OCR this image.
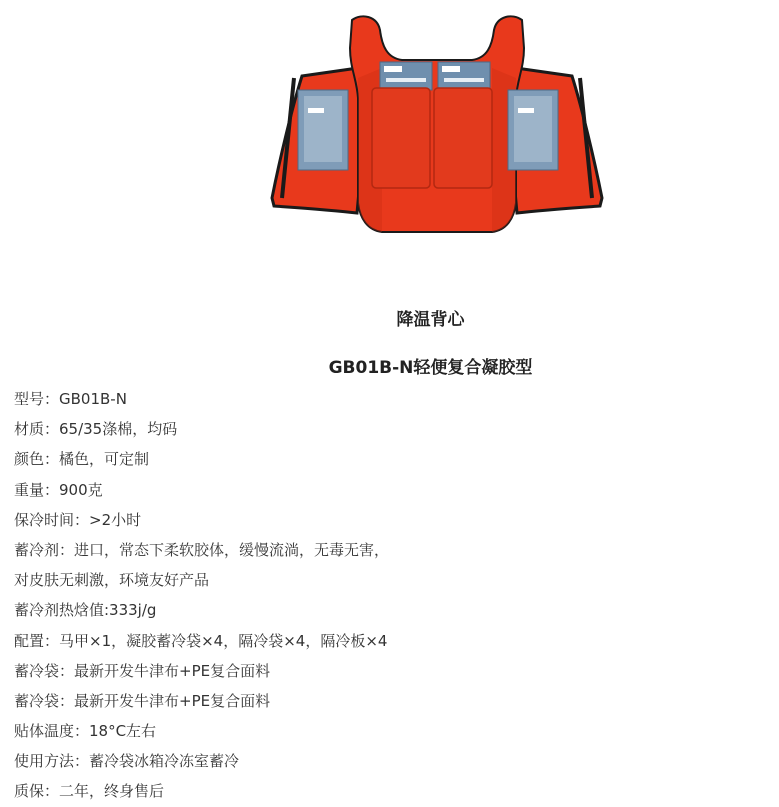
降温背心
GB01B-N轻便复合凝胶型
型号：GB01B-N
材质：65/35涤棉，均码
颜色：橘色，可定制
重量：900克
保冷时间：>2小时
蓄冷剂：进口，常态下柔软胶体，缓慢流淌，无毒无害，
对皮肤无刺激，环境友好产品
蓄冷剂热焓值:333j/g
配置：马甲×1，凝胶蓄冷袋×4，隔冷袋×4，隔冷板×4
蓄冷袋：最新开发牛津布+PE复合面料
蓄冷袋：最新开发牛津布+PE复合面料
贴体温度：18°C左右
使用方法：蓄冷袋冰箱冷冻室蓄冷
质保：二年，终身售后
